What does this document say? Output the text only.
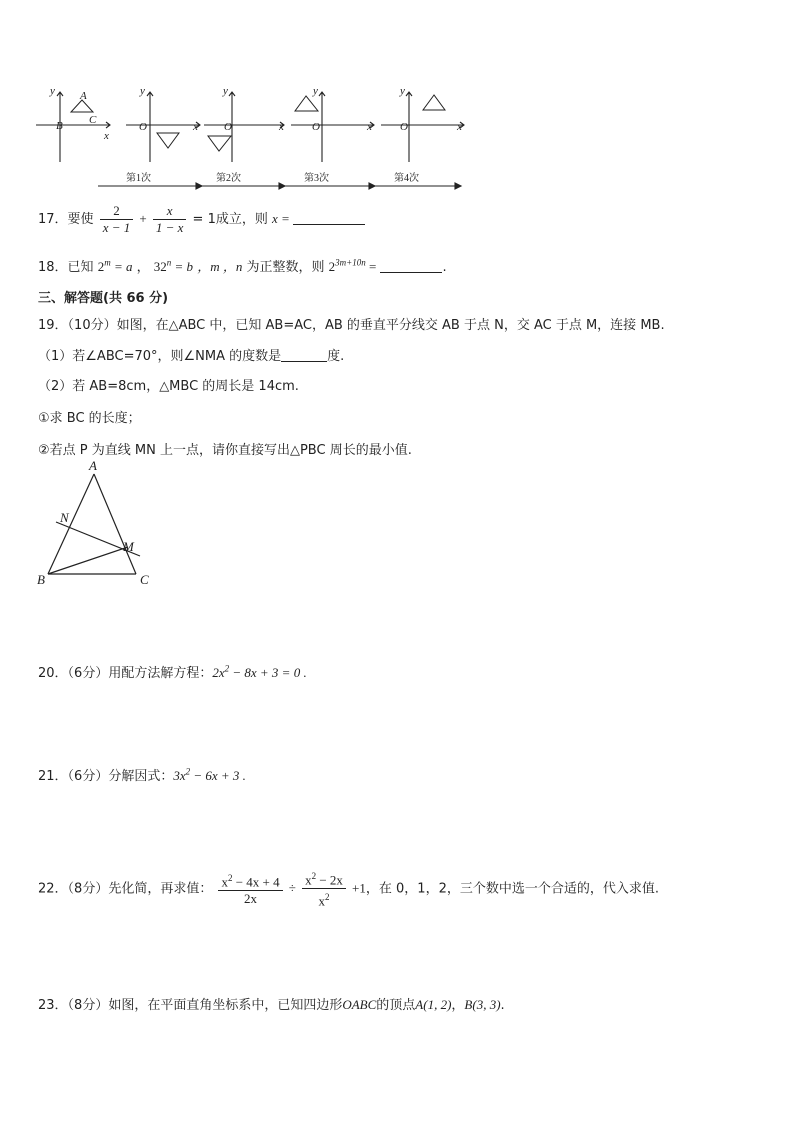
y
x
B
A
C
y
O	x
y
O	x
y
O	x
y
O	x
第1次	第2次	第3次	第4次
17．要使 $\frac{2}{x - 1} + \frac{x}{1 - x} = 1$成立，则 x =
18．已知 $2^m = a$ ， $32^n = b$ ，m ，n 为正整数，则 $2^{3m+10n}$ =	.
三、解答题(共 66 分)
19．（10分）如图，在△ABC 中，已知 AB=AC，AB 的垂直平分线交 AB 于点 N，交 AC 于点 M，连接 MB.
（1）若∠ABC=70°，则∠NMA 的度数是	度.
（2）若 AB=8cm，△MBC 的周长是 14cm.
①求 BC 的长度；
②若点 P 为直线 MN 上一点，请你直接写出△PBC 周长的最小值.
A
N
M
B	C
20．（6分）用配方法解方程：$2x^2 - 8x + 3 = 0$ .
21．（6分）分解因式：$3x^2 - 6x + 3$ .
22．（8分）先化简，再求值： $\frac{x^2 - 4x + 4}{2x} \div \frac{x^2 - 2x}{x^2} +1$，在 0，1，2，三个数中选一个合适的，代入求值.
23．（8分）如图，在平面直角坐标系中，已知四边形OABC的顶点A(1, 2)，B(3, 3).
